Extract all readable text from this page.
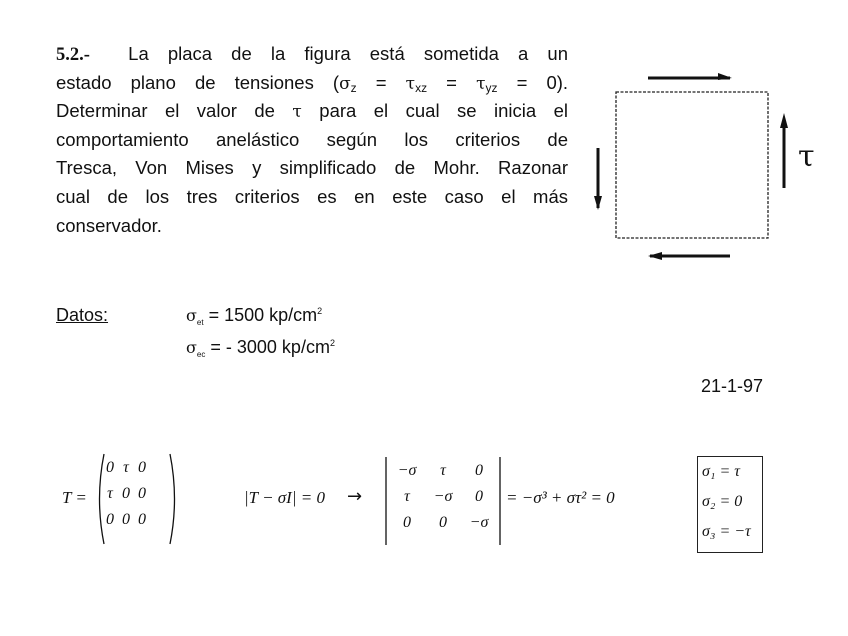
5.2.- La placa de la figura está sometida a un
estado plano de tensiones $(\sigma_z = \tau_{xz} = \tau_{yz} = 0)$.
Determinar el valor de τ para el cual se inicia el
comportamiento anelástico según los criterios de
Tresca, Von Mises y simplificado de Mohr. Razonar
cual de los tres criterios es en este caso el más
conservador.
τ
Datos:	$\sigma_{et} = 1500$ $kp/cm^2$
$\sigma_{ec}$ = - 3000 $kp/cm^2$
21-1-97
T =
0	τ	0
τ	0	0
0	0	0
|T − σI| = 0 →
−σ	τ	0
τ	−σ	0
0	0	−σ
= −σ³ + στ² = 0
σ₁ = τ
σ₂ = 0
σ₃ = −τ
